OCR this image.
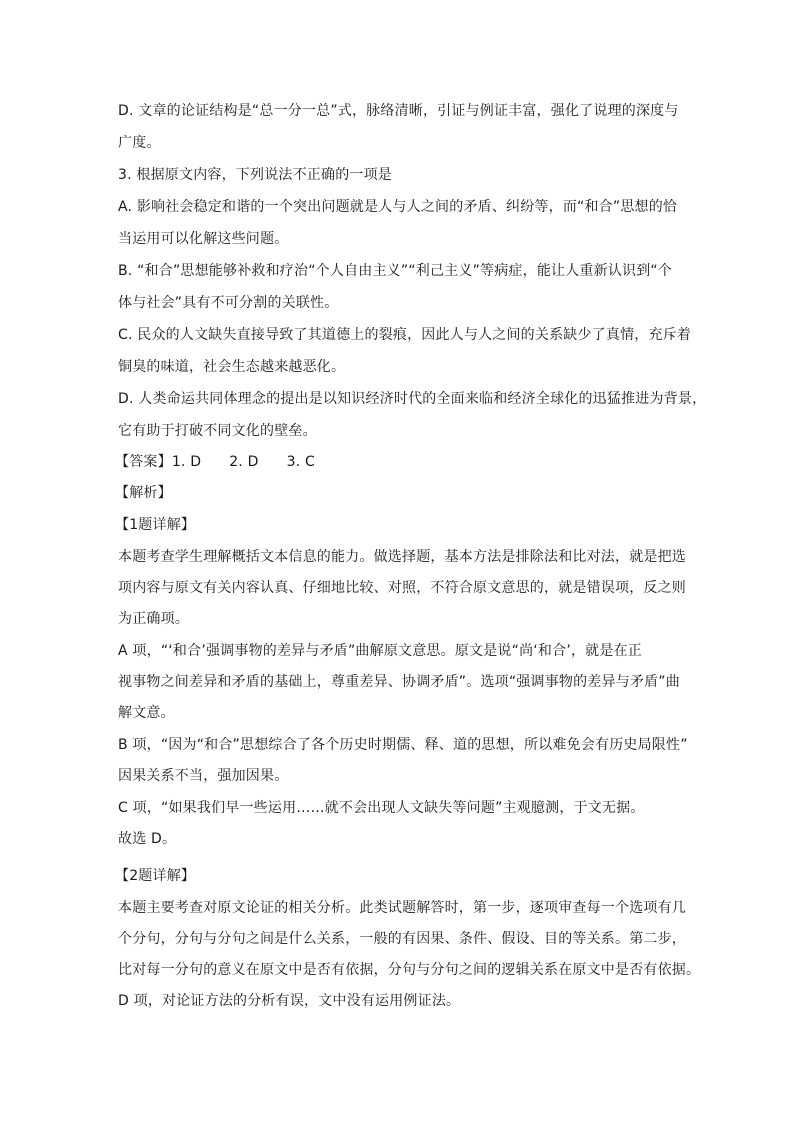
D. 文章的论证结构是“总一分一总”式，脉络清晰，引证与例证丰富，强化了说理的深度与
广度。
3. 根据原文内容，下列说法不正确的一项是
A. 影响社会稳定和谐的一个突出问题就是人与人之间的矛盾、纠纷等，而“和合”思想的恰
当运用可以化解这些问题。
B. “和合”思想能够补救和疗治“个人自由主义”“利己主义”等病症，能让人重新认识到“个
体与社会”具有不可分割的关联性。
C. 民众的人文缺失直接导致了其道德上的裂痕，因此人与人之间的关系缺少了真情，充斥着
铜臭的味道，社会生态越来越恶化。
D. 人类命运共同体理念的提出是以知识经济时代的全面来临和经济全球化的迅猛推进为背景，
它有助于打破不同文化的壁垒。
【答案】1. D 2. D 3. C
【解析】
【1题详解】
本题考查学生理解概括文本信息的能力。做选择题，基本方法是排除法和比对法，就是把选
项内容与原文有关内容认真、仔细地比较、对照，不符合原文意思的，就是错误项，反之则
为正确项。
A 项，“‘和合’强调事物的差异与矛盾”曲解原文意思。原文是说“尚‘和合’，就是在正
视事物之间差异和矛盾的基础上，尊重差异、协调矛盾”。选项“强调事物的差异与矛盾”曲
解文意。
B 项，“因为“和合”思想综合了各个历史时期儒、释、道的思想，所以难免会有历史局限性”
因果关系不当，强加因果。
C 项，“如果我们早一些运用……就不会出现人文缺失等问题”主观臆测，于文无据。
故选 D。
【2题详解】
本题主要考查对原文论证的相关分析。此类试题解答时，第一步，逐项审查每一个选项有几
个分句，分句与分句之间是什么关系，一般的有因果、条件、假设、目的等关系。第二步，
比对每一分句的意义在原文中是否有依据，分句与分句之间的逻辑关系在原文中是否有依据。
D 项，对论证方法的分析有误，文中没有运用例证法。
